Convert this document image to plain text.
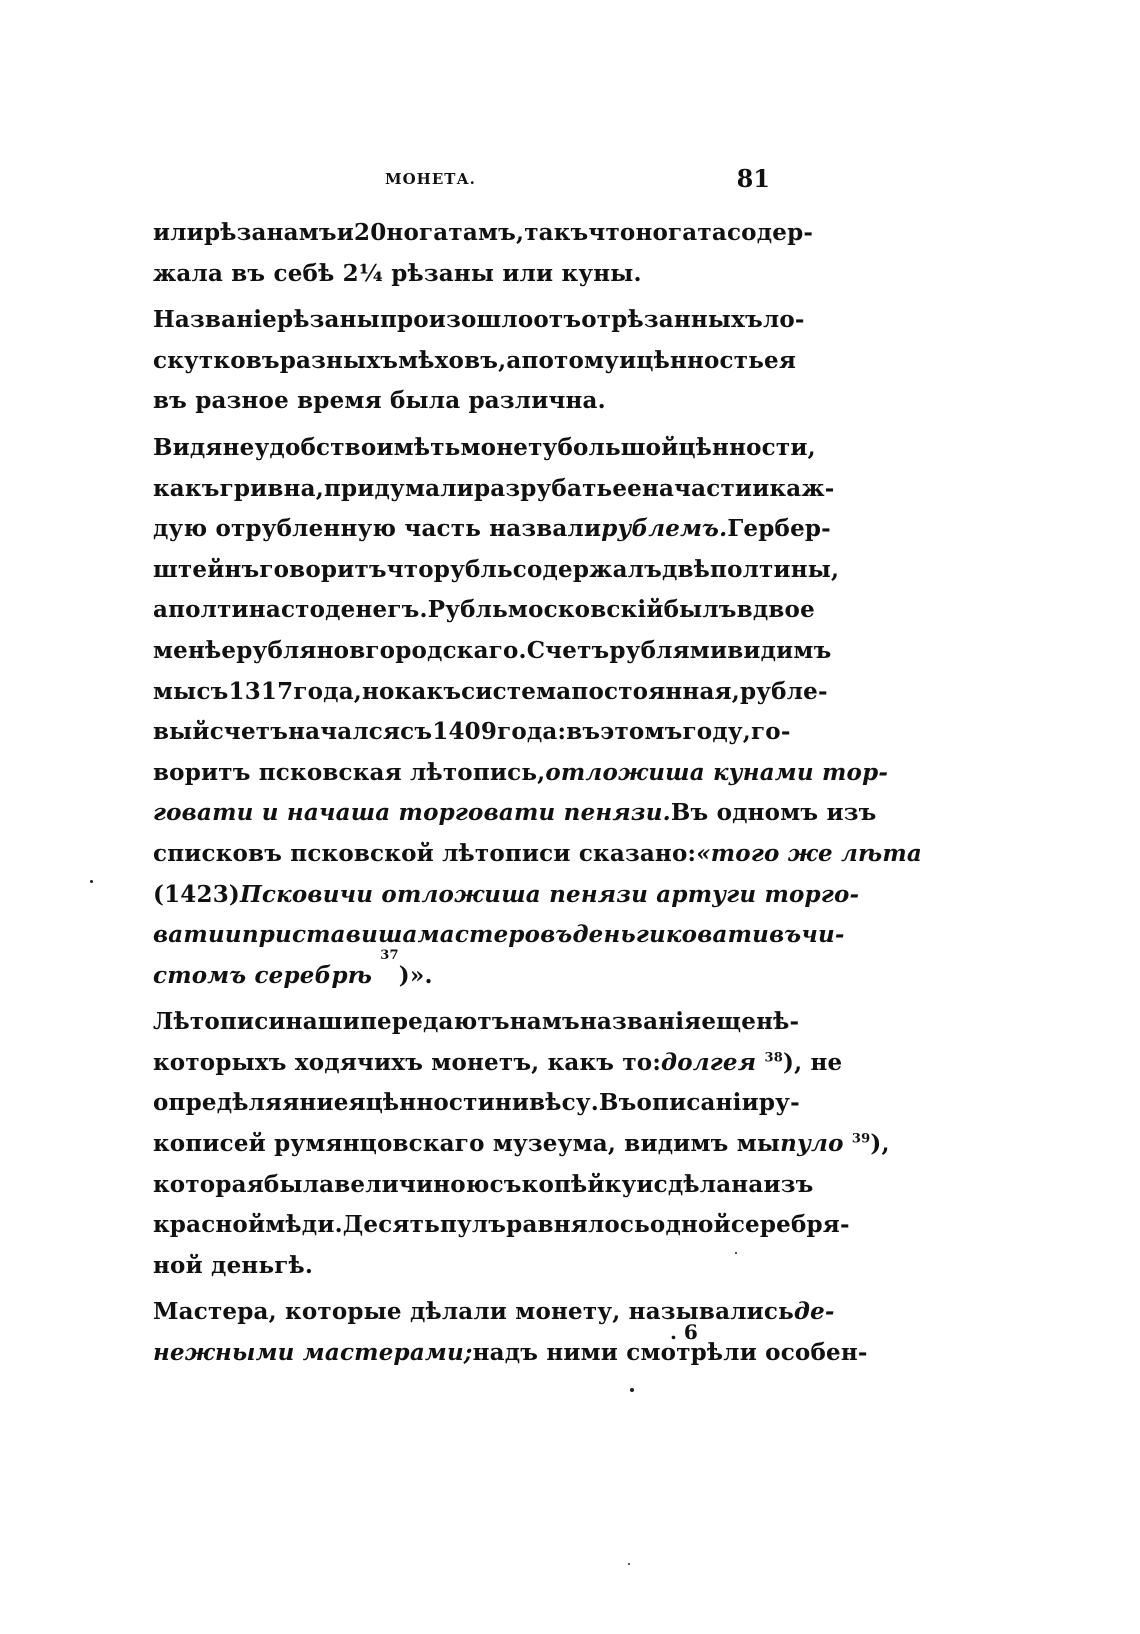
МОНЕТА.	81
или рѣзанамъ и 20 ногатамъ, такъ что ногата содер-
жала въ себѣ 2¼ рѣзаны или куны.
Названіе рѣзаны произошло отъ отрѣзанныхъ ло-
скутковъ разныхъ мѣховъ, а потому и цѣнность ея
въ разное время была различна.
Видя неудобство имѣть монету большой цѣнности,
какъ гривна, придумали разрубать ее на части и каж-
дую отрубленную часть назвали рублемъ. Гербер-
штейнъ говоритъ что рубль содержалъ двѣ полтины,
а полтина сто денегъ. Рубль московскій былъ вдвое
менѣе рубля новгородскаго. Счетъ рублями видимъ
мы съ 1317 года, но какъ система постоянная, рубле-
вый счетъ начался съ 1409 года: въ этомъ году, го-
воритъ псковская лѣтопись, отложиша кунами тор-
говати и начаша торговати пенязи. Въ одномъ изъ
списковъ псковской лѣтописи сказано: «того же лѣта
(1423) Псковичи отложиша пенязи артуги торго-
вати и приставиша мастеровъ деньги ковати въ чи-
стомъ серебрѣ

37
)».
Лѣтописи наши передаютъ намъ названія еще нѣ-
которыхъ ходячихъ монетъ, какъ то: долгея $^{38}$), не
опредѣляя ни ея цѣнности ни вѣсу. Въ описаніи ру-
кописей румянцовскаго музеума, видимъ мы пуло $^{39}$),
которая была величиною съ копѣйку и сдѣлана изъ
красной мѣди. Десять пулъ равнялось одной серебря-
ной деньгѣ.
Мастера, которые дѣлали монету, назывались де-
нежными мастерами; надъ ними смотрѣли особен-
. 6
